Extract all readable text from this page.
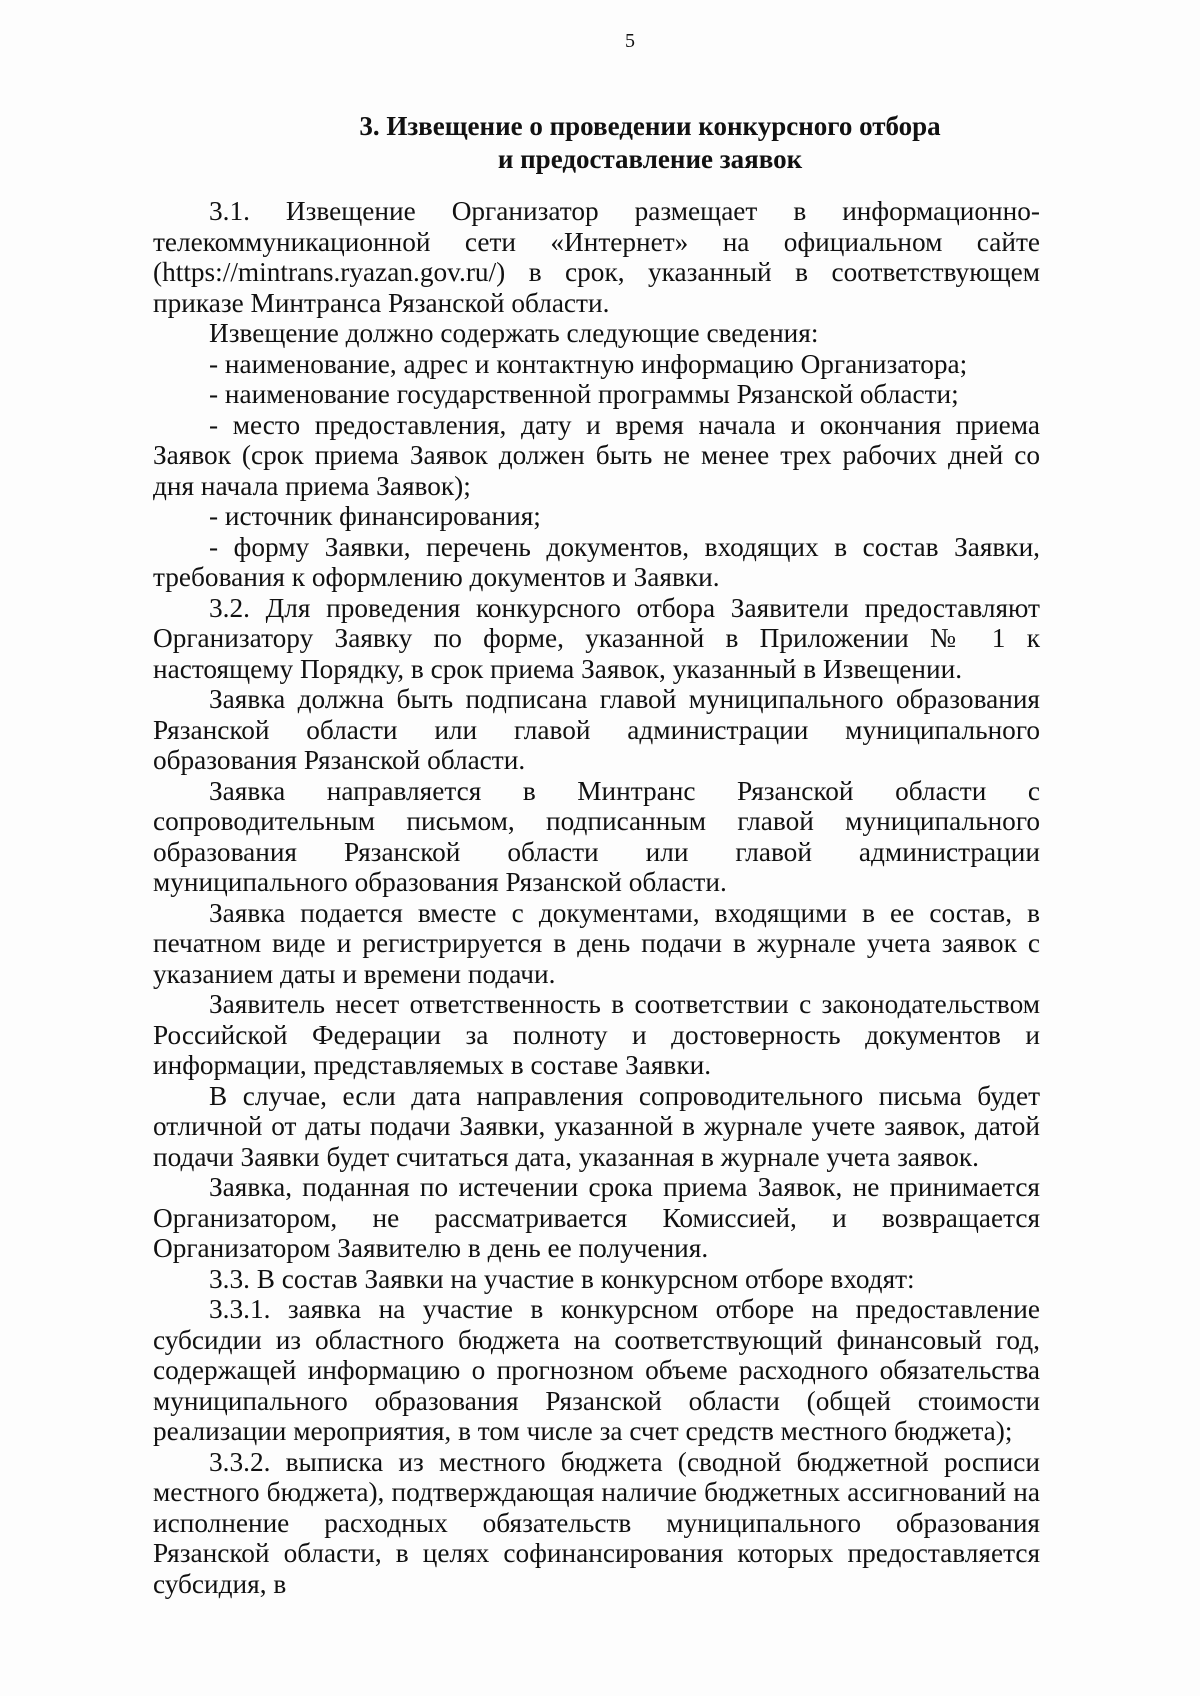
5
3. Извещение о проведении конкурсного отбора
и предоставление заявок

3.1. Извещение Организатор размещает в информационно-телекоммуникационной сети «Интернет» на официальном сайте (https://mintrans.ryazan.gov.ru/) в срок, указанный в соответствующем приказе Минтранса Рязанской области.

Извещение должно содержать следующие сведения:

- наименование, адрес и контактную информацию Организатора;

- наименование государственной программы Рязанской области;

- место предоставления, дату и время начала и окончания приема Заявок (срок приема Заявок должен быть не менее трех рабочих дней со дня начала приема Заявок);

- источник финансирования;

- форму Заявки, перечень документов, входящих в состав Заявки, требования к оформлению документов и Заявки.

3.2. Для проведения конкурсного отбора Заявители предоставляют Организатору Заявку по форме, указанной в Приложении № 1 к настоящему Порядку, в срок приема Заявок, указанный в Извещении.

Заявка должна быть подписана главой муниципального образования Рязанской области или главой администрации муниципального образования Рязанской области.

Заявка направляется в Минтранс Рязанской области с сопроводительным письмом, подписанным главой муниципального образования Рязанской области или главой администрации муниципального образования Рязанской области.

Заявка подается вместе с документами, входящими в ее состав, в печатном виде и регистрируется в день подачи в журнале учета заявок с указанием даты и времени подачи.

Заявитель несет ответственность в соответствии с законодательством Российской Федерации за полноту и достоверность документов и информации, представляемых в составе Заявки.

В случае, если дата направления сопроводительного письма будет отличной от даты подачи Заявки, указанной в журнале учете заявок, датой подачи Заявки будет считаться дата, указанная в журнале учета заявок.

Заявка, поданная по истечении срока приема Заявок, не принимается Организатором, не рассматривается Комиссией, и возвращается Организатором Заявителю в день ее получения.

3.3. В состав Заявки на участие в конкурсном отборе входят:

3.3.1. заявка на участие в конкурсном отборе на предоставление субсидии из областного бюджета на соответствующий финансовый год, содержащей информацию о прогнозном объеме расходного обязательства муниципального образования Рязанской области (общей стоимости реализации мероприятия, в том числе за счет средств местного бюджета);

3.3.2. выписка из местного бюджета (сводной бюджетной росписи местного бюджета), подтверждающая наличие бюджетных ассигнований на исполнение расходных обязательств муниципального образования Рязанской области, в целях софинансирования которых предоставляется субсидия, в
